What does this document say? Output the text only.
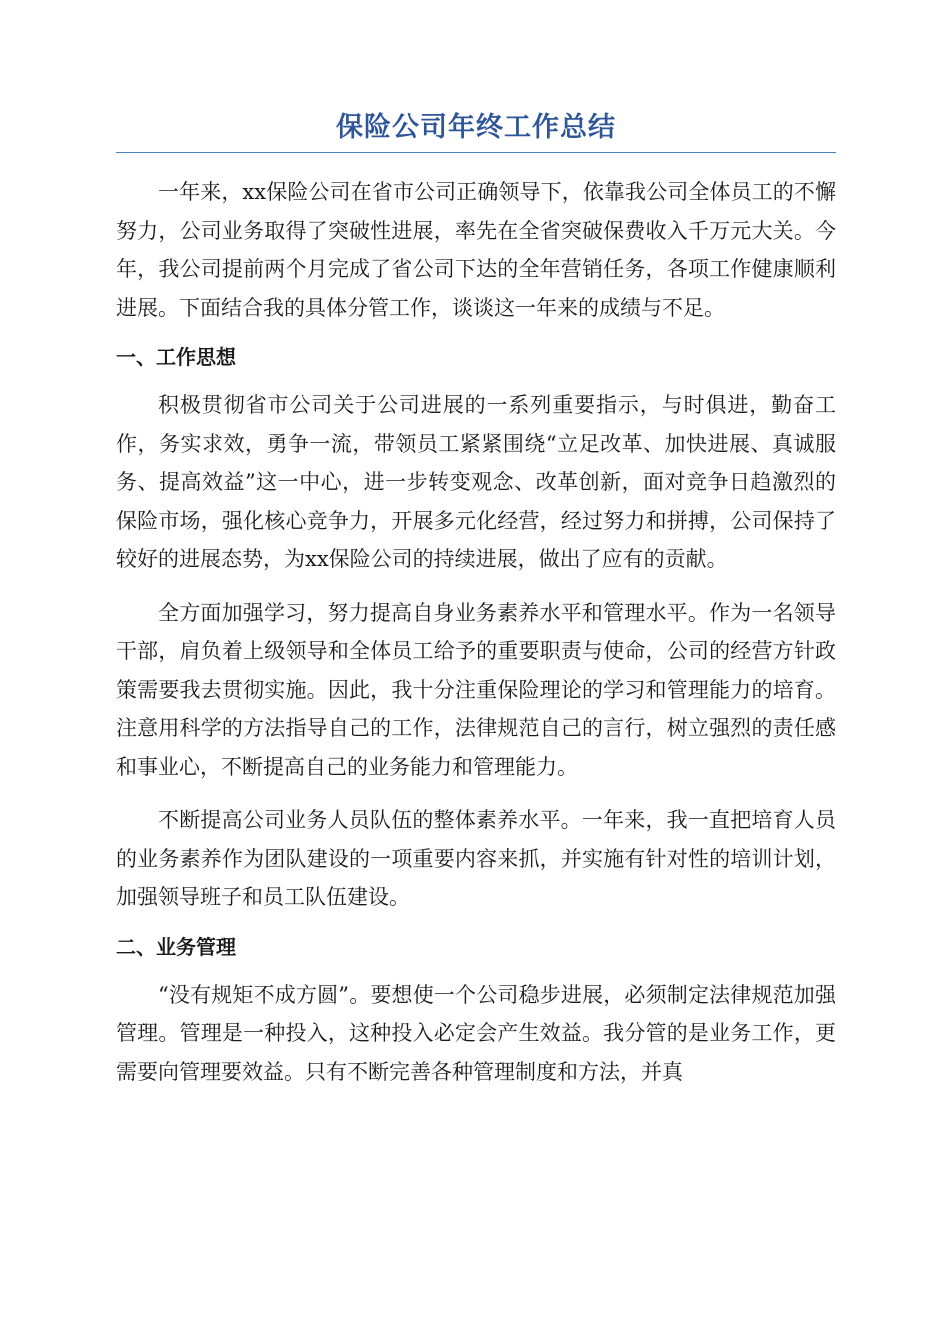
保险公司年终工作总结

一年来，xx保险公司在省市公司正确领导下，依靠我公司全体员工的不懈努力，公司业务取得了突破性进展，率先在全省突破保费收入千万元大关。今年，我公司提前两个月完成了省公司下达的全年营销任务，各项工作健康顺利进展。下面结合我的具体分管工作，谈谈这一年来的成绩与不足。

一、工作思想

积极贯彻省市公司关于公司进展的一系列重要指示，与时俱进，勤奋工作，务实求效，勇争一流，带领员工紧紧围绕“立足改革、加快进展、真诚服务、提高效益”这一中心，进一步转变观念、改革创新，面对竞争日趋激烈的保险市场，强化核心竞争力，开展多元化经营，经过努力和拼搏，公司保持了较好的进展态势，为xx保险公司的持续进展，做出了应有的贡献。

全方面加强学习，努力提高自身业务素养水平和管理水平。作为一名领导干部，肩负着上级领导和全体员工给予的重要职责与使命，公司的经营方针政策需要我去贯彻实施。因此，我十分注重保险理论的学习和管理能力的培育。注意用科学的方法指导自己的工作，法律规范自己的言行，树立强烈的责任感和事业心，不断提高自己的业务能力和管理能力。

不断提高公司业务人员队伍的整体素养水平。一年来，我一直把培育人员的业务素养作为团队建设的一项重要内容来抓，并实施有针对性的培训计划，加强领导班子和员工队伍建设。

二、业务管理

“没有规矩不成方圆”。要想使一个公司稳步进展，必须制定法律规范加强管理。管理是一种投入，这种投入必定会产生效益。我分管的是业务工作，更需要向管理要效益。只有不断完善各种管理制度和方法，并真
